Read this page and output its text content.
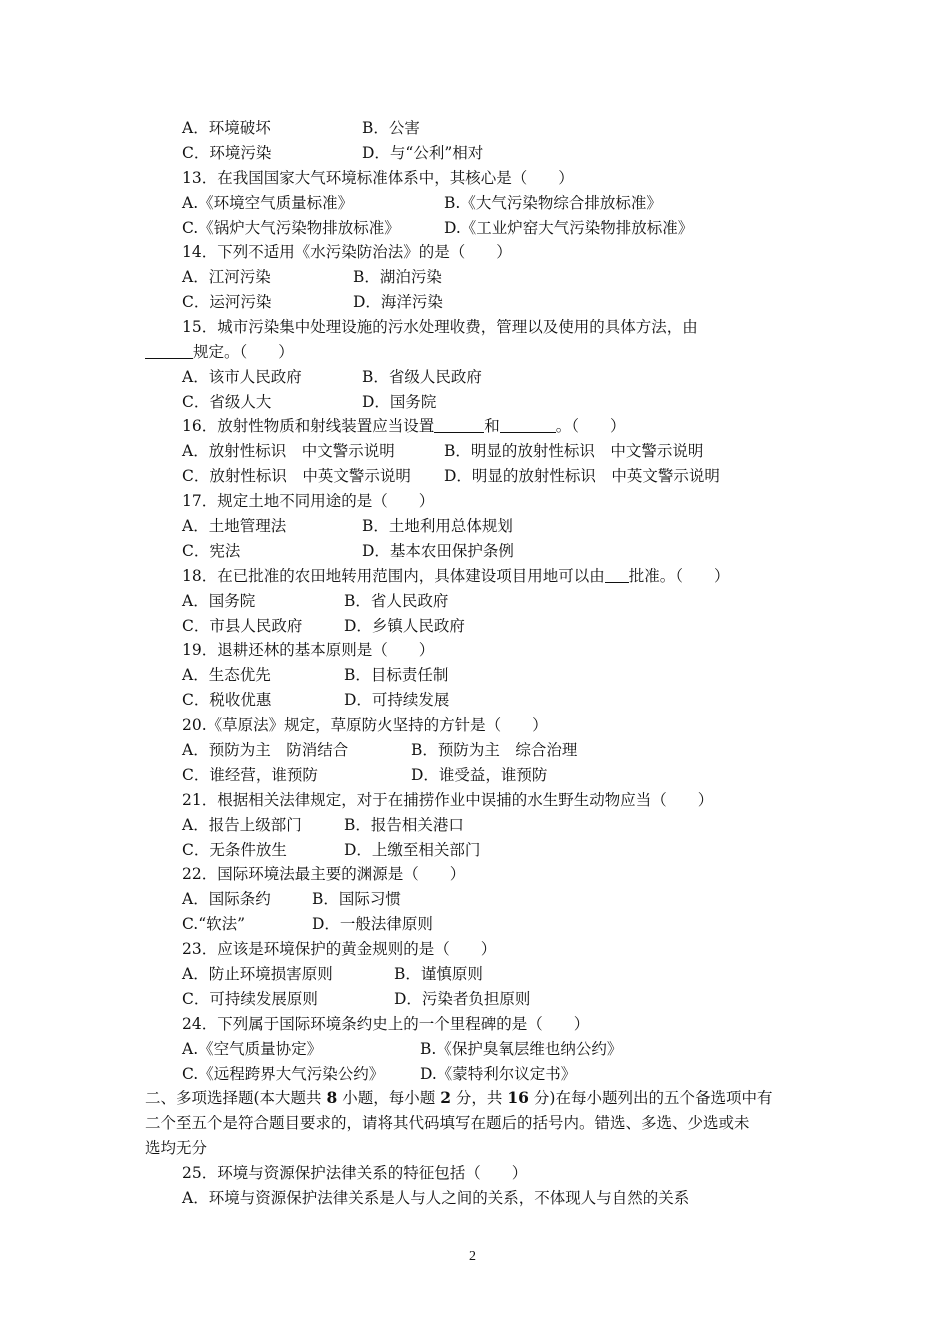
A．环境破坏	B．公害
C．环境污染	D．与“公利”相对
13．在我国国家大气环境标准体系中，其核心是（　　）
A.《环境空气质量标准》	B.《大气污染物综合排放标准》
C.《锅炉大气污染物排放标准》	D.《工业炉窑大气污染物排放标准》
14．下列不适用《水污染防治法》的是（　　）
A．江河污染	B．湖泊污染
C．运河污染	D．海洋污染
15．城市污染集中处理设施的污水处理收费，管理以及使用的具体方法，由
规定。（　　）
A．该市人民政府	B．省级人民政府
C．省级人大	D．国务院
16．放射性物质和射线装置应当设置	和	。（　　）
A．放射性标识　中文警示说明	B．明显的放射性标识　中文警示说明
C．放射性标识　中英文警示说明 D．明显的放射性标识　中英文警示说明
17．规定土地不同用途的是（　　）
A．土地管理法	B．土地利用总体规划
C．宪法	D．基本农田保护条例
18．在已批准的农田地转用范围内，具体建设项目用地可以由 批准。（　　）
A．国务院	B．省人民政府
C．市县人民政府	D．乡镇人民政府
19．退耕还林的基本原则是（　　）
A．生态优先	B．目标责任制
C．税收优惠	D．可持续发展
20.《草原法》规定，草原防火坚持的方针是（　　）
A．预防为主　防消结合	B．预防为主　综合治理
C．谁经营，谁预防	D．谁受益，谁预防
21．根据相关法律规定，对于在捕捞作业中误捕的水生野生动物应当（　　）
A．报告上级部门	B．报告相关港口
C．无条件放生	D．上缴至相关部门
22．国际环境法最主要的渊源是（　　）
A．国际条约	B．国际习惯
C.“软法”	D．一般法律原则
23．应该是环境保护的黄金规则的是（　　）
A．防止环境损害原则	B．谨慎原则
C．可持续发展原则	D．污染者负担原则
24．下列属于国际环境条约史上的一个里程碑的是（　　）
A.《空气质量协定》	B.《保护臭氧层维也纳公约》
C.《远程跨界大气污染公约》 D.《蒙特利尔议定书》
二、多项选择题(本大题共 8 小题，每小题 2 分，共 16 分)在每小题列出的五个备选项中有
二个至五个是符合题目要求的，请将其代码填写在题后的括号内。错选、多选、少选或未
选均无分
25．环境与资源保护法律关系的特征包括（　　）
A．环境与资源保护法律关系是人与人之间的关系，不体现人与自然的关系
2
